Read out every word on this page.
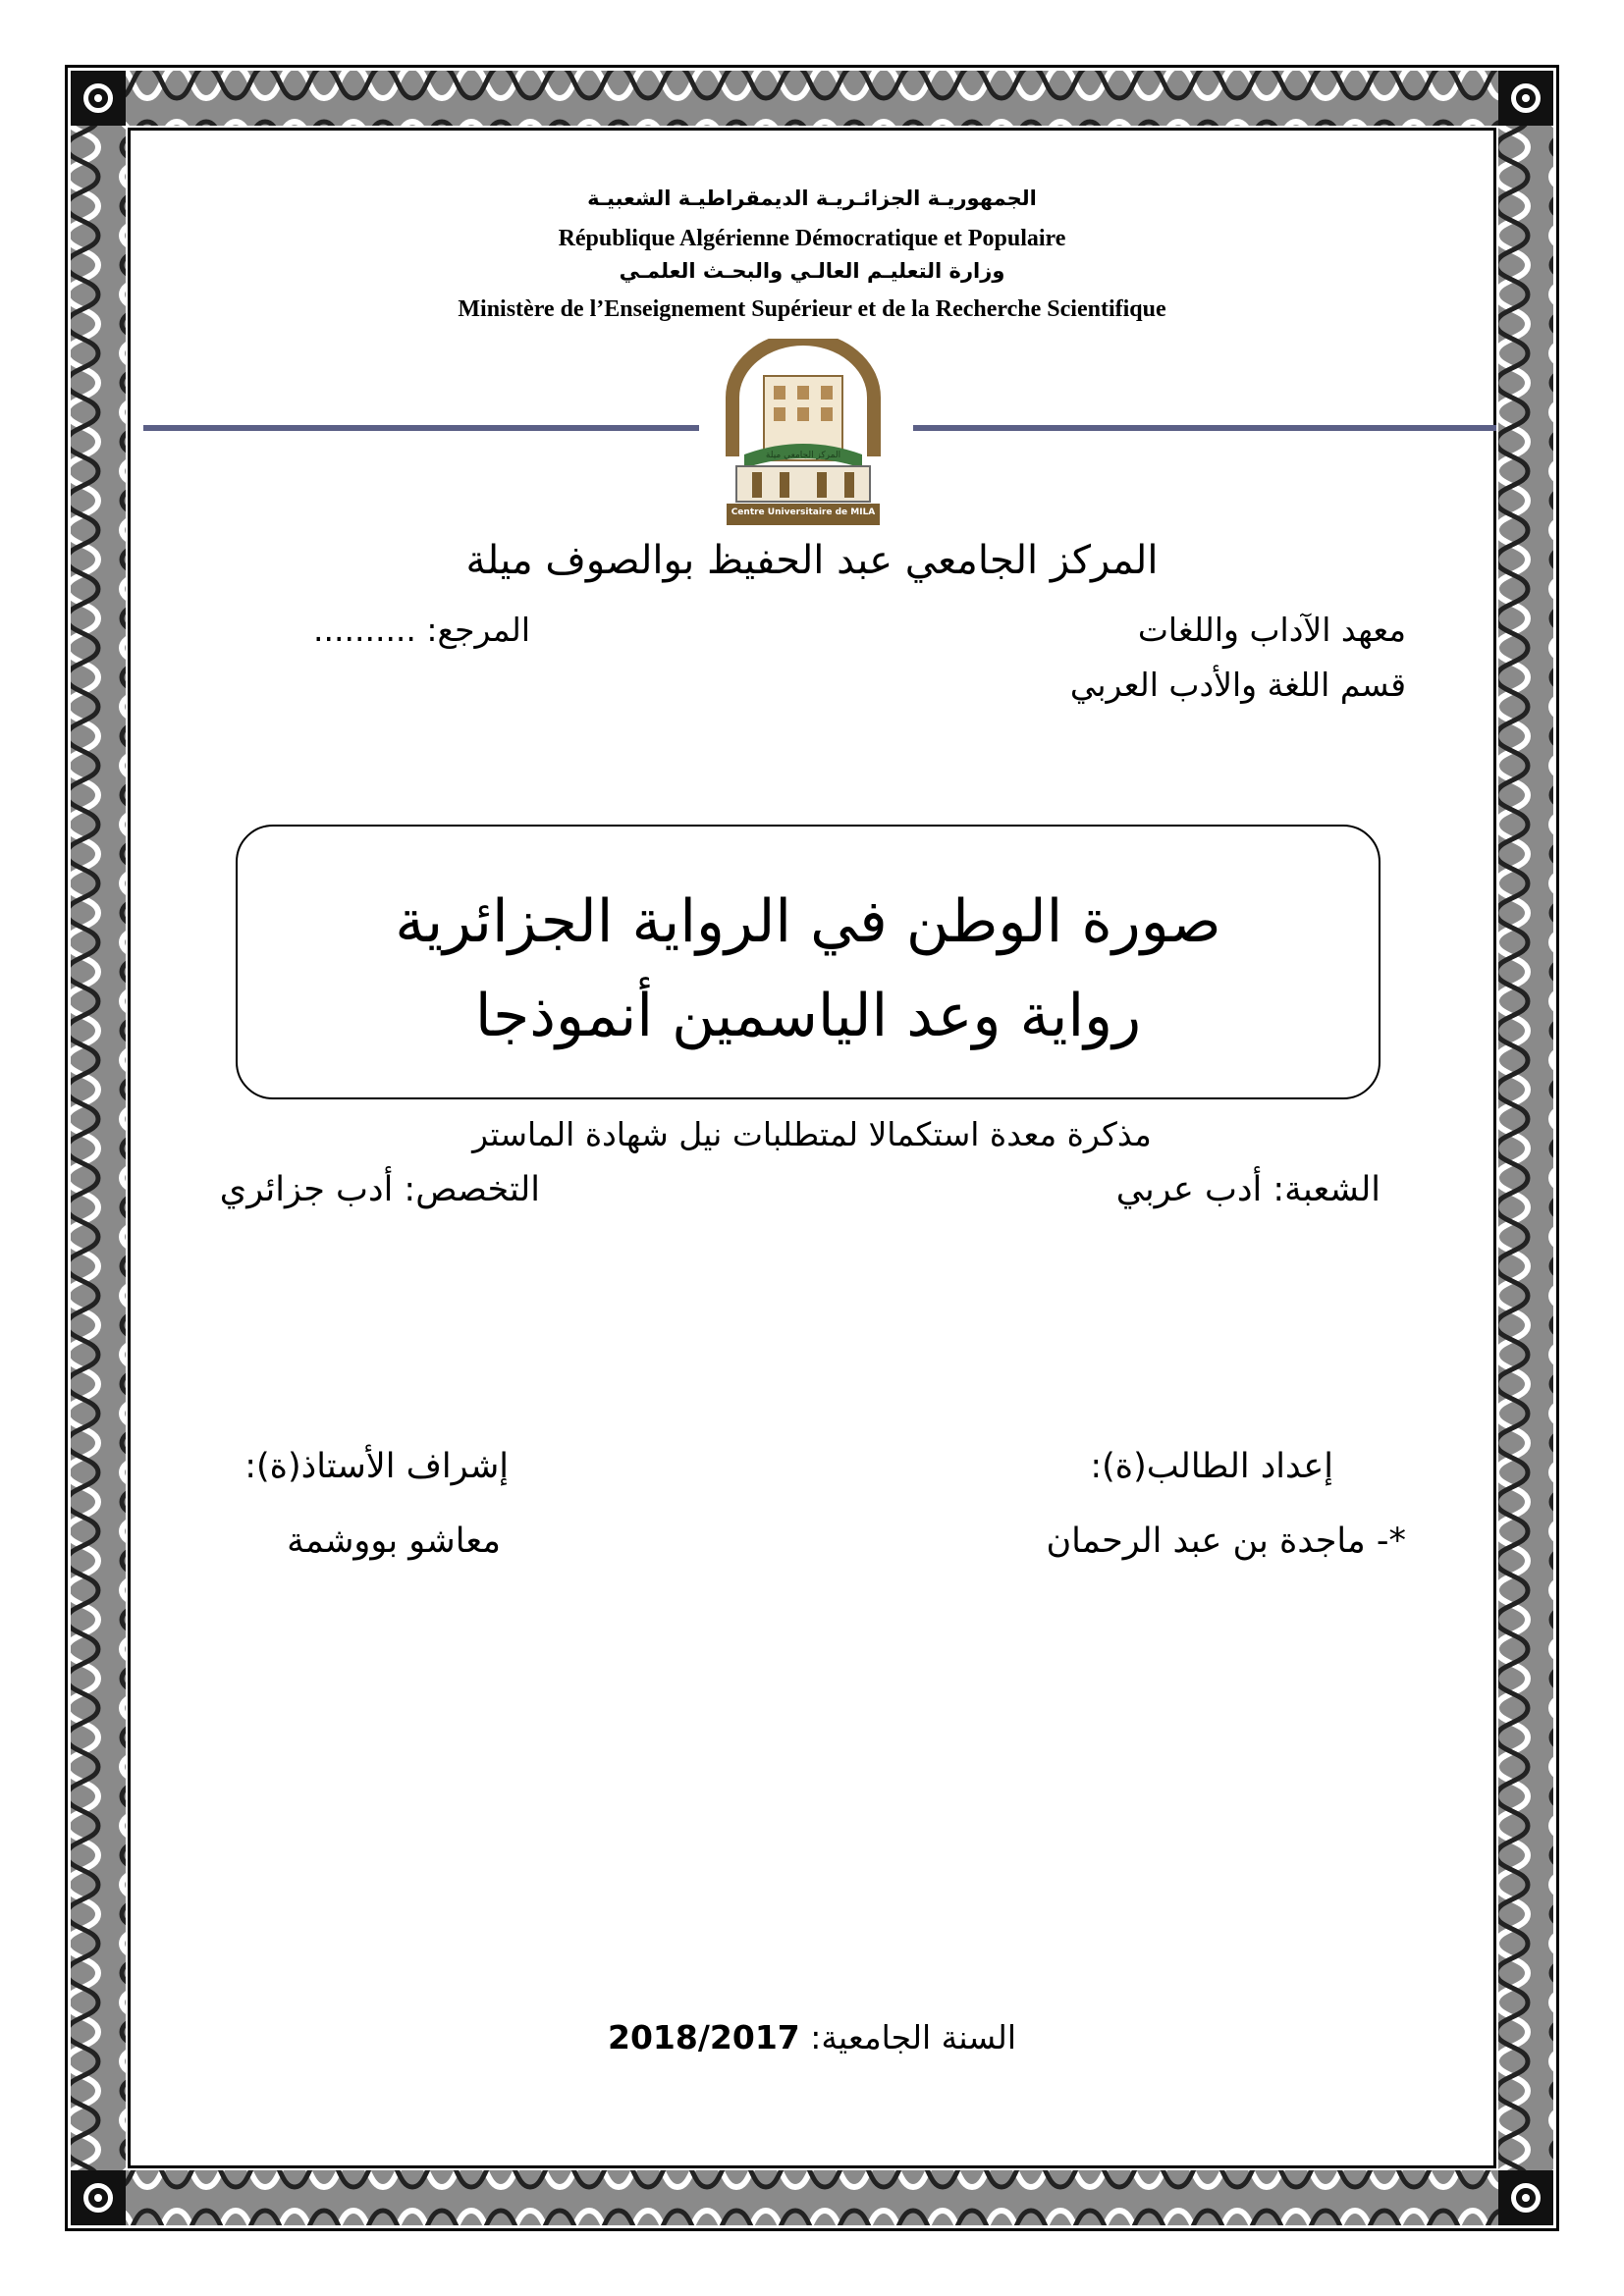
الجمهوريـة الجزائـريـة الديمقراطيـة الشعبيـة
République Algérienne Démocratique et Populaire
وزارة التعليـم العالـي والبحـث العلمـي
Ministère de l’Enseignement Supérieur et de la Recherche Scientifique
المركز الجامعي ميلة
Centre Universitaire de MILA
المركز الجامعي عبد الحفيظ بوالصوف ميلة
معهد الآداب واللغات
المرجع: ..........
قسم اللغة والأدب العربي
صورة الوطن في الرواية الجزائرية
رواية وعد الياسمين أنموذجا
مذكرة معدة استكمالا لمتطلبات نيل شهادة الماستر
الشعبة: أدب عربي
التخصص: أدب جزائري
إعداد الطالب(ة):
إشراف الأستاذ(ة):
*- ماجدة بن عبد الرحمان
معاشو بووشمة
السنة الجامعية: 2018/2017
